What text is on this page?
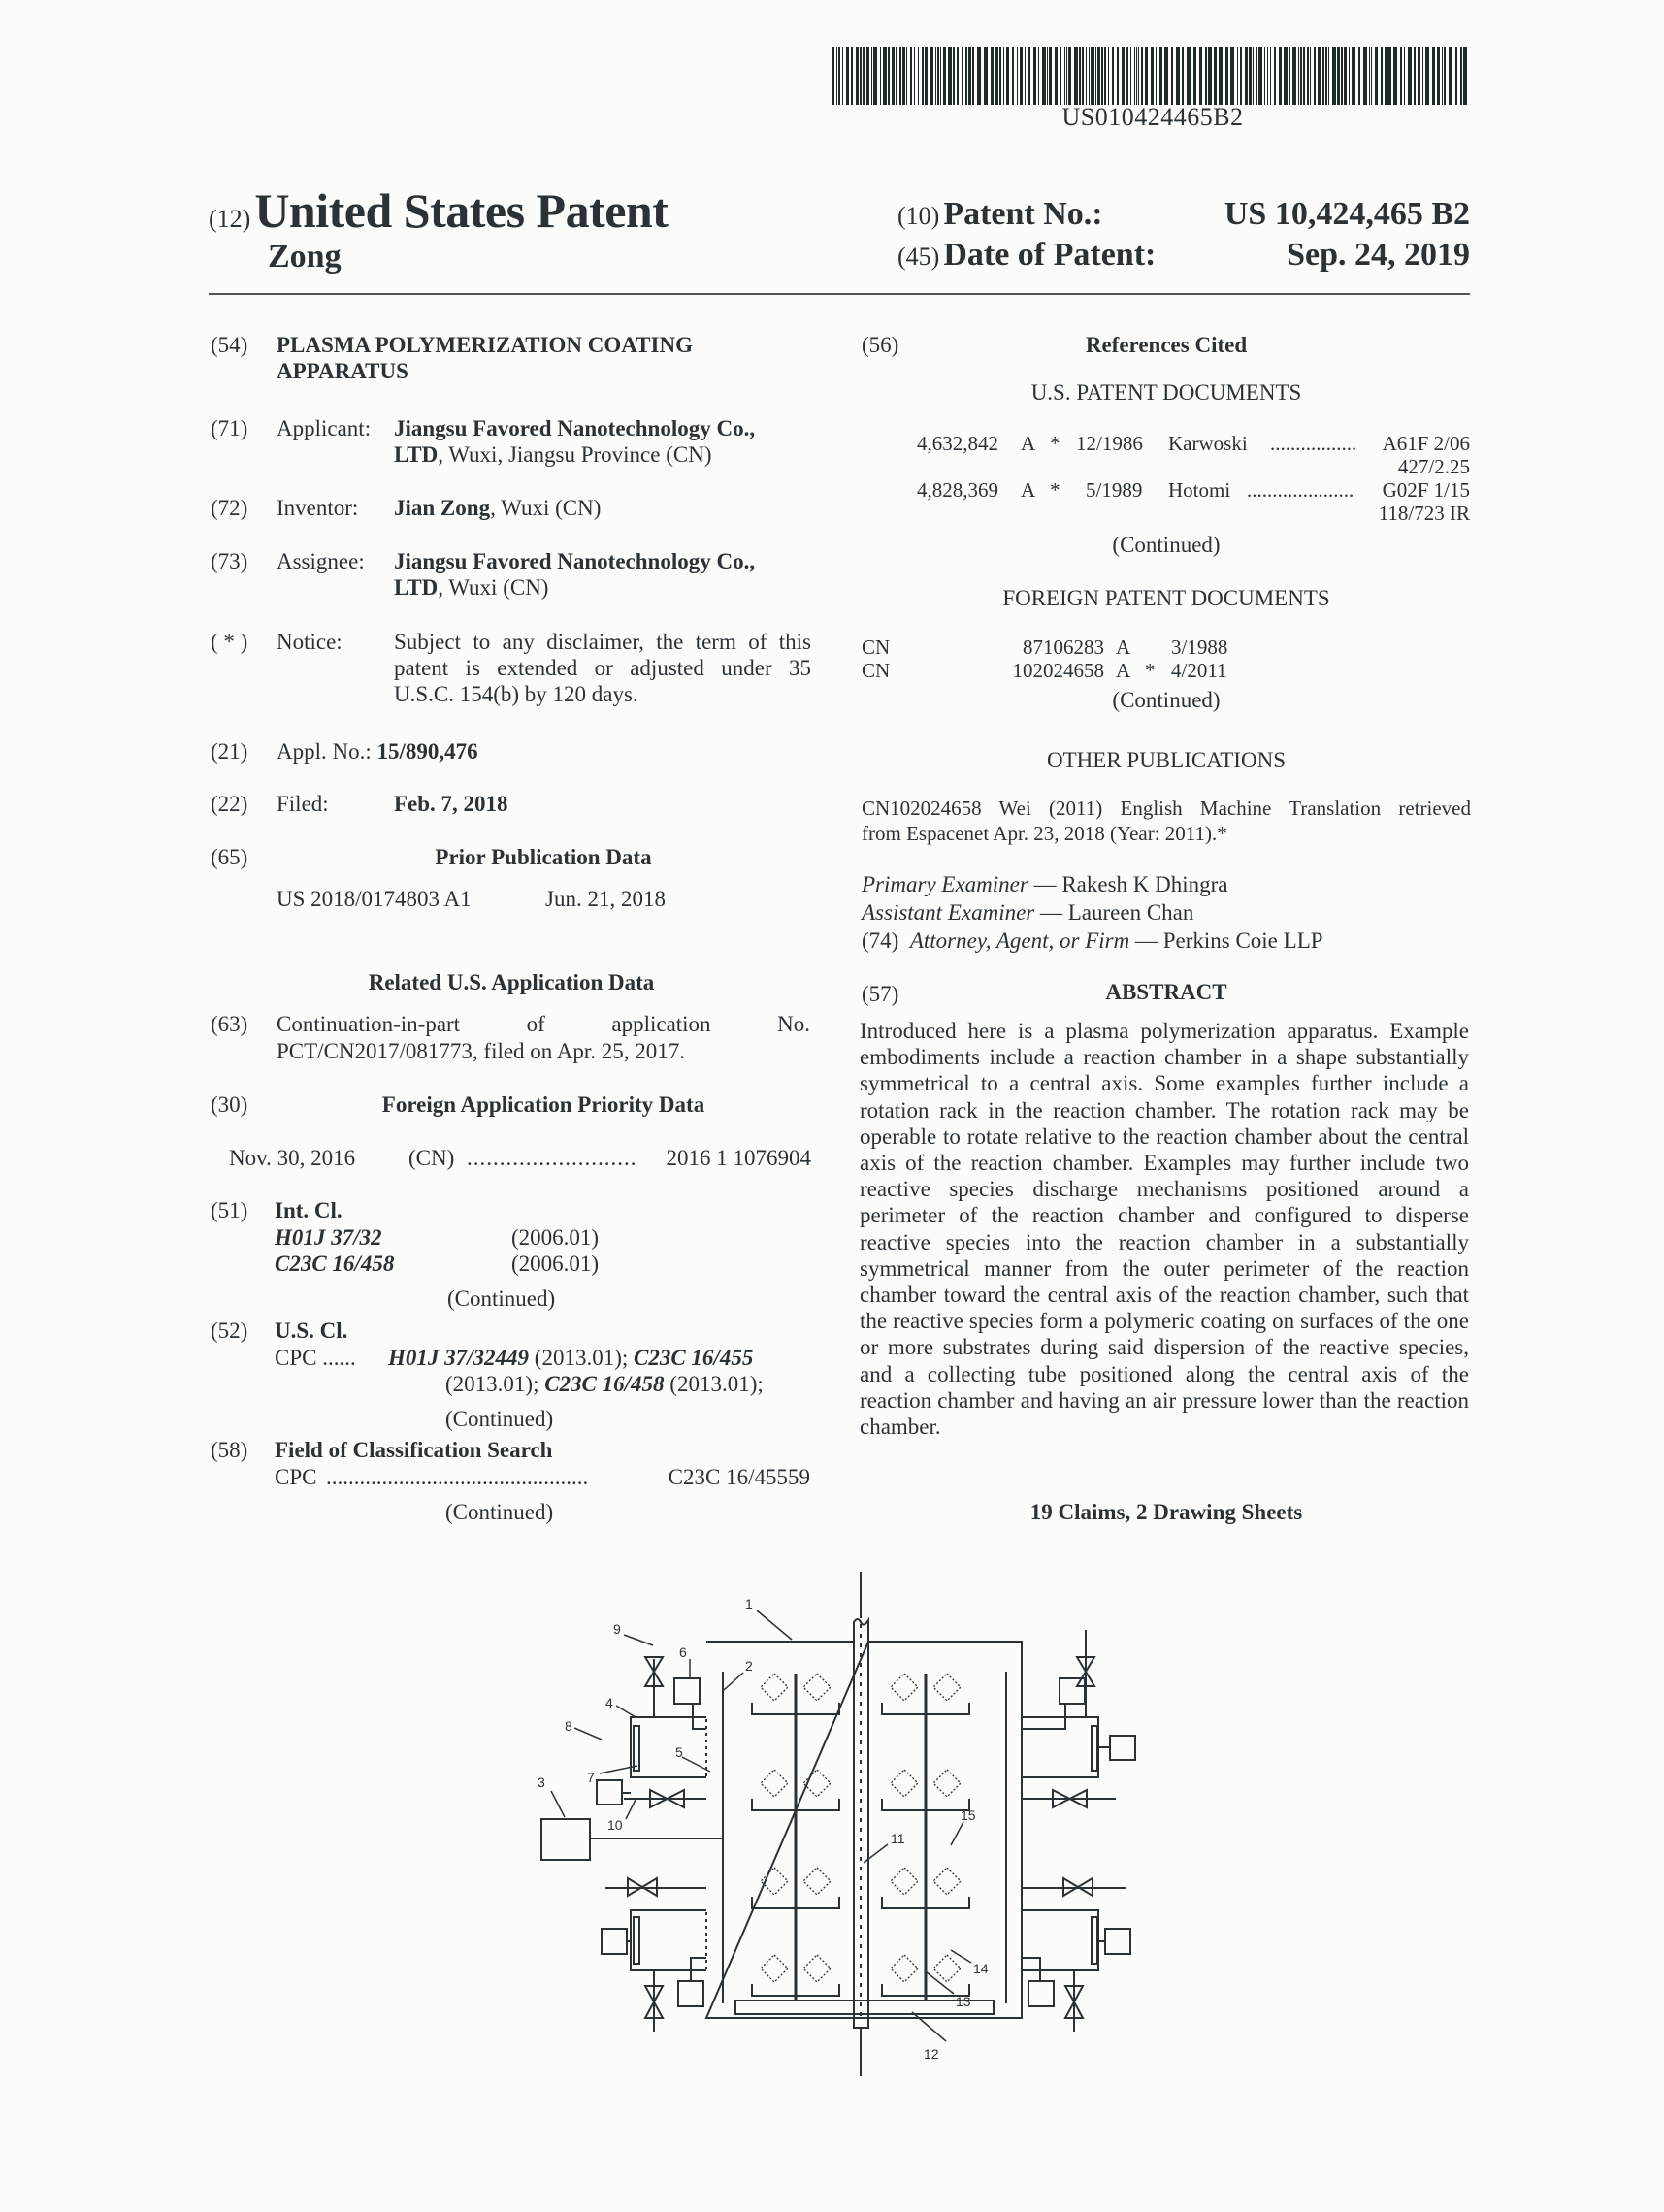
US010424465B2
(12) United States Patent
Zong
(10) Patent No.:	US 10,424,465 B2
(45) Date of Patent:	Sep. 24, 2019
(54) PLASMA POLYMERIZATION COATING
APPARATUS
(71) Applicant: Jiangsu Favored Nanotechnology Co.,
LTD, Wuxi, Jiangsu Province (CN)
(72) Inventor: Jian Zong, Wuxi (CN)
(73) Assignee: Jiangsu Favored Nanotechnology Co.,
LTD, Wuxi (CN)
( * ) Notice: Subject to any disclaimer, the term of this
patent is extended or adjusted under 35
U.S.C. 154(b) by 120 days.
(21) Appl. No.: 15/890,476
(22) Filed:	Feb. 7, 2018
(65)	Prior Publication Data
US 2018/0174803 A1	Jun. 21, 2018
Related U.S. Application Data
(63) Continuation-in-part	of	application	No.
PCT/CN2017/081773, filed on Apr. 25, 2017.
(30)	Foreign Application Priority Data
Nov. 30, 2016 (CN) .......................... 2016 1 1076904
(51) Int. Cl.
H01J 37/32	(2006.01)
C23C 16/458	(2006.01)
(Continued)
(52) U.S. Cl.
CPC ...... H01J 37/32449 (2013.01); C23C 16/455
(2013.01); C23C 16/458 (2013.01);
(Continued)
(58) Field of Classification Search
CPC ...............................................	C23C 16/45559
(Continued)
(56)	References Cited
U.S. PATENT DOCUMENTS
4,632,842 A * 12/1986 Karwoski ................. A61F 2/06
427/2.25
4,828,369 A * 5/1989 Hotomi ..................... G02F 1/15
118/723 IR
(Continued)
FOREIGN PATENT DOCUMENTS
CN	87106283 A 3/1988
CN	102024658 A * 4/2011
(Continued)
OTHER PUBLICATIONS
CN102024658 Wei (2011) English Machine Translation retrieved
from Espacenet Apr. 23, 2018 (Year: 2011).*
Primary Examiner — Rakesh K Dhingra
Assistant Examiner — Laureen Chan
(74) Attorney, Agent, or Firm — Perkins Coie LLP
(57)	ABSTRACT
Introduced here is a plasma polymerization apparatus. Example embodiments include a reaction chamber in a shape substantially symmetrical to a central axis. Some examples further include a rotation rack in the reaction chamber. The rotation rack may be operable to rotate relative to the reaction chamber about the central axis of the reaction chamber. Examples may further include two reactive species discharge mechanisms positioned around a perimeter of the reaction chamber and configured to disperse reactive species into the reaction chamber in a substantially symmetrical manner from the outer perimeter of the reaction chamber toward the central axis of the reaction chamber, such that the reactive species form a polymeric coating on surfaces of the one or more substrates during said dispersion of the reactive species, and a collecting tube positioned along the central axis of the reaction chamber and having an air pressure lower than the reaction chamber.
19 Claims, 2 Drawing Sheets
1
2
3
4
5
6
7
8
9
10
11
12
13
14
15
